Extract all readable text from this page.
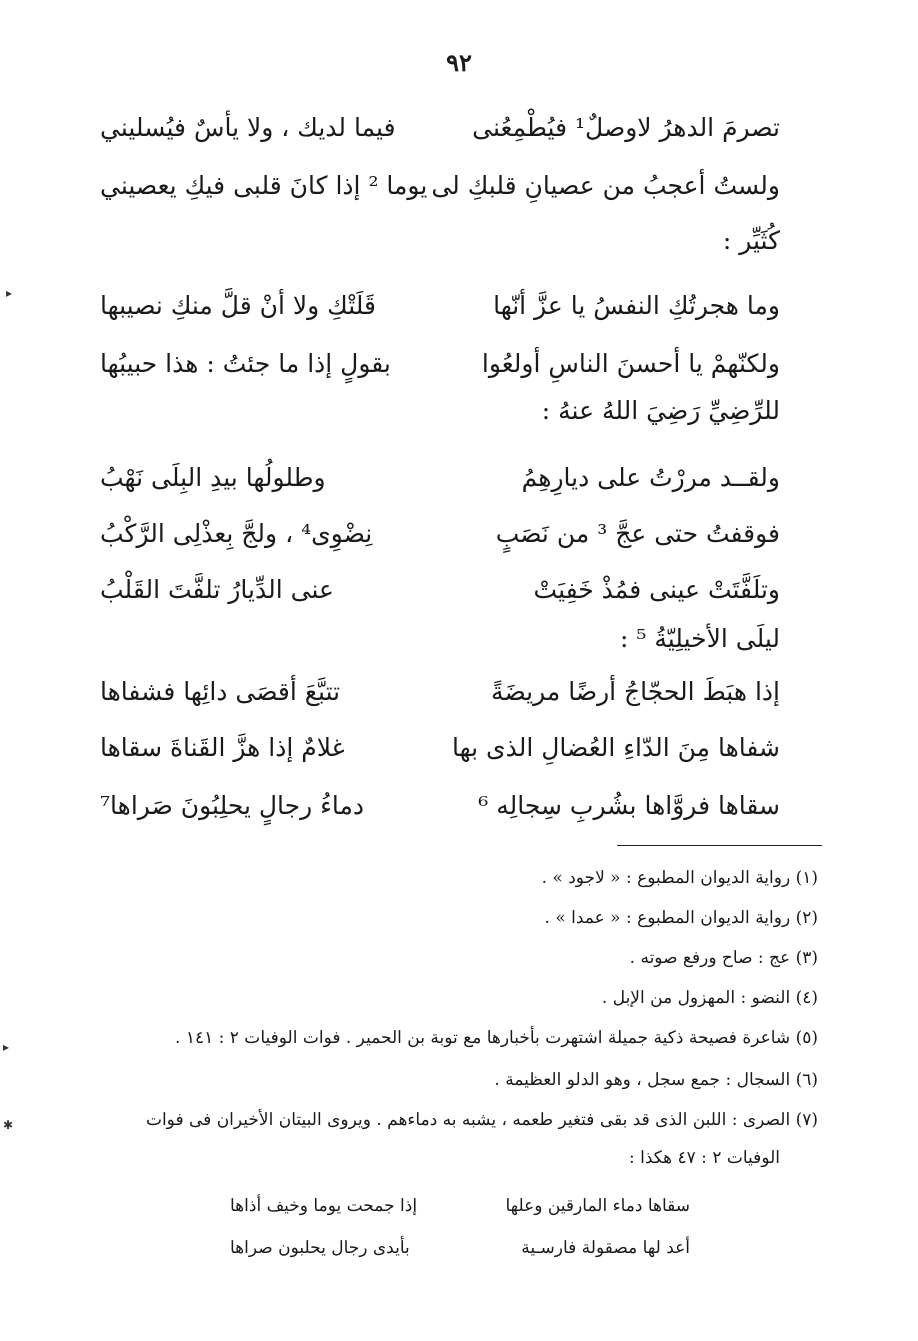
٩٢
تصرمَ الدهرُ لاوصلٌ¹ فيُطْمِعُنى
فيما لديك ، ولا يأسٌ فيُسليني
ولستُ أعجبُ من عصيانِ قلبكِ لى
يوما ² إذا كانَ قلبى فيكِ يعصيني
كُثَيِّر :
وما هجرتُكِ النفسُ يا عزَّ أنّها
قَلَتْكِ ولا أنْ قلَّ منكِ نصيبها
ولكنّهمْ يا أحسنَ الناسِ أولعُوا
بقولٍ إذا ما جئتُ : هذا حبيبُها
للرِّضِيِّ رَضِيَ اللهُ عنهُ :
ولقــد مررْتُ على ديارِهِمُ
وطلولُها بيدِ البِلَى نَهْبُ
فوقفتُ حتى عجَّ ³ من نَصَبٍ
نِضْوِى⁴ ، ولجَّ بِعذْلِى الرَّكْبُ
وتلَفَّتَتْ عينى فمُذْ خَفِيَتْ
عنى الدِّيارُ تلفَّتَ القَلْبُ
ليلَى الأخيلِيّةُ ⁵ :
إذا هبَطَ الحجّاجُ أرضًا مريضَةً
تتبَّعَ أقصَى دائِها فشفاها
شفاها مِنَ الدّاءِ العُضالِ الذى بها
غلامٌ إذا هزَّ القَناةَ سقاها
سقاها فروَّاها بشُربِ سِجالِه ⁶
دماءُ رجالٍ يحلِبُونَ صَراها⁷
(١) رواية الديوان المطبوع : « لاجود » .
(٢) رواية الديوان المطبوع : « عمدا » .
(٣) عج : صاح ورفع صوته .
(٤) النضو : المهزول من الإبل .
(٥) شاعرة فصيحة ذكية جميلة اشتهرت بأخبارها مع توبة بن الحمير . فوات الوفيات ٢ : ١٤١ .
(٦) السجال : جمع سجل ، وهو الدلو العظيمة .
(٧) الصرى : اللبن الذى قد بقى فتغير طعمه ، يشبه به دماءهم . ويروى البيتان الأخيران فى فوات
الوفيات ٢ : ٤٧ هكذا :
سقاها دماء المارقين وعلها
إذا جمحت يوما وخيف أذاها
أعد لها مصقولة فارسـية
بأيدى رجال يحلبون صراها
▸
▸
✱
